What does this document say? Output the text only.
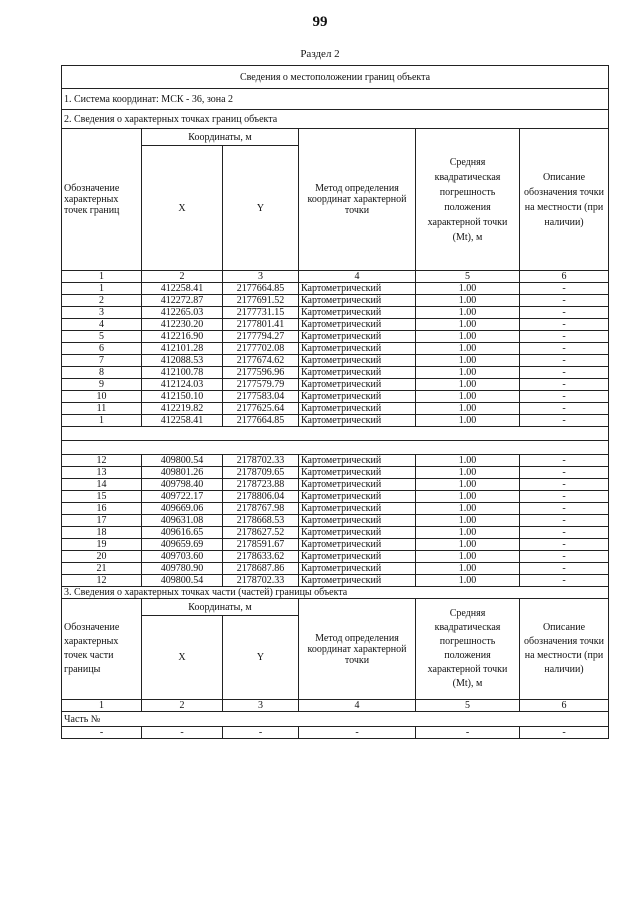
99
Раздел 2
Сведения о местоположении границ объекта					
1. Система координат: МСК - 36, зона 2					
2. Сведения о характерных точках границ объекта					
Обозначение характерных точек границ	Координаты, м		Метод определения координат характерной точки	Средняя квадратическая погрешность положения характерной точки (Mt), м	Описание обозначения точки на местности (при наличии)
	X	Y			
1	2	3	4	5	6
1	412258.41	2177664.85	Картометрический	1.00	-
2	412272.87	2177691.52	Картометрический	1.00	-
3	412265.03	2177731.15	Картометрический	1.00	-
4	412230.20	2177801.41	Картометрический	1.00	-
5	412216.90	2177794.27	Картометрический	1.00	-
6	412101.28	2177702.08	Картометрический	1.00	-
7	412088.53	2177674.62	Картометрический	1.00	-
8	412100.78	2177596.96	Картометрический	1.00	-
9	412124.03	2177579.79	Картометрический	1.00	-
10	412150.10	2177583.04	Картометрический	1.00	-
11	412219.82	2177625.64	Картометрический	1.00	-
1	412258.41	2177664.85	Картометрический	1.00	-

12	409800.54	2178702.33	Картометрический	1.00	-
13	409801.26	2178709.65	Картометрический	1.00	-
14	409798.40	2178723.88	Картометрический	1.00	-
15	409722.17	2178806.04	Картометрический	1.00	-
16	409669.06	2178767.98	Картометрический	1.00	-
17	409631.08	2178668.53	Картометрический	1.00	-
18	409616.65	2178627.52	Картометрический	1.00	-
19	409659.69	2178591.67	Картометрический	1.00	-
20	409703.60	2178633.62	Картометрический	1.00	-
21	409780.90	2178687.86	Картометрический	1.00	-
12	409800.54	2178702.33	Картометрический	1.00	-
3. Сведения о характерных точках части (частей) границы объекта					
Обозначение характерных точек части границы	Координаты, м		Метод определения координат характерной точки	Средняя квадратическая погрешность положения характерной точки (Mt), м	Описание обозначения точки на местности (при наличии)
	X	Y			
1	2	3	4	5	6
Часть №					
-	-	-	-	-	-
